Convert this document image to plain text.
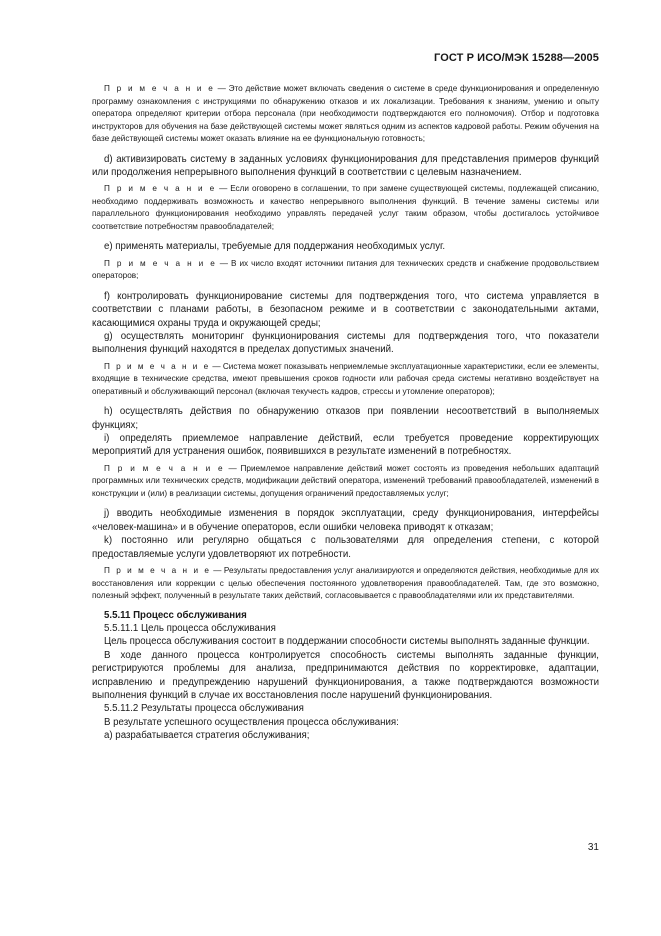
ГОСТ Р ИСО/МЭК 15288—2005

П р и м е ч а н и е — Это действие может включать сведения о системе в среде функционирования и определенную программу ознакомления с инструкциями по обнаружению отказов и их локализации. Требования к знаниям, умению и опыту оператора определяют критерии отбора персонала (при необходимости подтверждаются его полномочия). Отбор и подготовка инструкторов для обучения на базе действующей системы может являться одним из аспектов кадровой работы. Режим обучения на базе действующей системы может оказать влияние на ее функциональную готовность;

d) активизировать систему в заданных условиях функционирования для представления примеров функций или продолжения непрерывного выполнения функций в соответствии с целевым назначением.

П р и м е ч а н и е — Если оговорено в соглашении, то при замене существующей системы, подлежащей списанию, необходимо поддерживать возможность и качество непрерывного выполнения функций. В течение замены системы или параллельного функционирования необходимо управлять передачей услуг таким образом, чтобы достигалось устойчивое соответствие потребностям правообладателей;

e) применять материалы, требуемые для поддержания необходимых услуг.

П р и м е ч а н и е — В их число входят источники питания для технических средств и снабжение продовольствием операторов;

f) контролировать функционирование системы для подтверждения того, что система управляется в соответствии с планами работы, в безопасном режиме и в соответствии с законодательными актами, касающимися охраны труда и окружающей среды;

g) осуществлять мониторинг функционирования системы для подтверждения того, что показатели выполнения функций находятся в пределах допустимых значений.

П р и м е ч а н и е — Система может показывать неприемлемые эксплуатационные характеристики, если ее элементы, входящие в технические средства, имеют превышения сроков годности или рабочая среда системы негативно воздействует на оперативный и обслуживающий персонал (включая текучесть кадров, стрессы и утомление операторов);

h) осуществлять действия по обнаружению отказов при появлении несоответствий в выполняемых функциях;

i) определять приемлемое направление действий, если требуется проведение корректирующих мероприятий для устранения ошибок, появившихся в результате изменений в потребностях.

П р и м е ч а н и е — Приемлемое направление действий может состоять из проведения небольших адаптаций программных или технических средств, модификации действий оператора, изменений требований правообладателей, изменений в конструкции и (или) в реализации системы, допущения ограничений предоставляемых услуг;

j) вводить необходимые изменения в порядок эксплуатации, среду функционирования, интерфейсы «человек-машина» и в обучение операторов, если ошибки человека приводят к отказам;

k) постоянно или регулярно общаться с пользователями для определения степени, с которой предоставляемые услуги удовлетворяют их потребности.

П р и м е ч а н и е — Результаты предоставления услуг анализируются и определяются действия, необходимые для их восстановления или коррекции с целью обеспечения постоянного удовлетворения правообладателей. Там, где это возможно, полезный эффект, полученный в результате таких действий, согласовывается с правообладателями или их представителями.

5.5.11 Процесс обслуживания

5.5.11.1 Цель процесса обслуживания

Цель процесса обслуживания состоит в поддержании способности системы выполнять заданные функции.

В ходе данного процесса контролируется способность системы выполнять заданные функции, регистрируются проблемы для анализа, предпринимаются действия по корректировке, адаптации, исправлению и предупреждению нарушений функционирования, а также подтверждаются возможности выполнения функций в случае их восстановления после нарушений функционирования.

5.5.11.2 Результаты процесса обслуживания

В результате успешного осуществления процесса обслуживания:

a) разрабатывается стратегия обслуживания;

31
